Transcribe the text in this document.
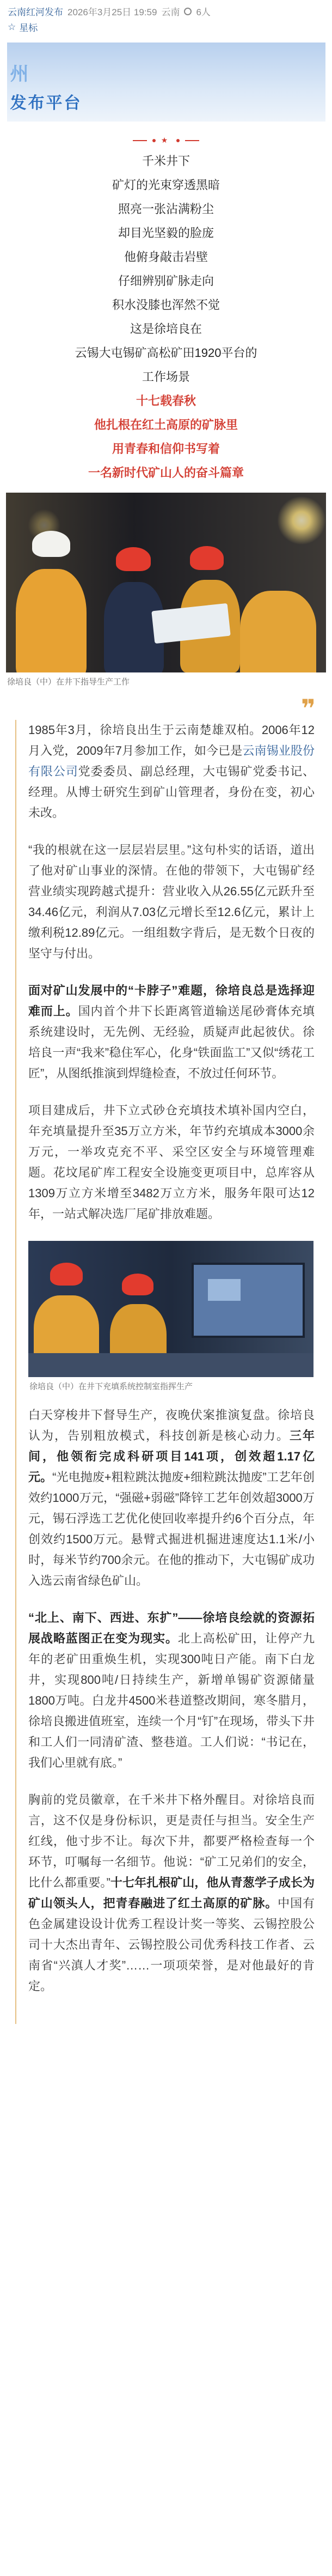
云南红河发布 2026年3月25日 19:59 云南 6人
☆ 星标
州
发布平台
★
千米井下
矿灯的光束穿透黑暗
照亮一张沾满粉尘
却目光坚毅的脸庞
他俯身敲击岩壁
仔细辨别矿脉走向
积水没膝也浑然不觉
这是徐培良在
云锡大屯锡矿高松矿田1920平台的
工作场景
十七载春秋
他扎根在红土高原的矿脉里
用青春和信仰书写着
一名新时代矿山人的奋斗篇章
徐培良（中）在井下指导生产工作
❞

1985年3月，徐培良出生于云南楚雄双柏。2006年12月入党，2009年7月参加工作，如今已是云南锡业股份有限公司党委委员、副总经理，大屯锡矿党委书记、经理。从博士研究生到矿山管理者，身份在变，初心未改。

“我的根就在这一层层岩层里。”这句朴实的话语，道出了他对矿山事业的深情。在他的带领下，大屯锡矿经营业绩实现跨越式提升：营业收入从26.55亿元跃升至34.46亿元，利润从7.03亿元增长至12.6亿元，累计上缴利税12.89亿元。一组组数字背后，是无数个日夜的坚守与付出。

面对矿山发展中的“卡脖子”难题，徐培良总是选择迎难而上。国内首个井下长距离管道输送尾砂膏体充填系统建设时，无先例、无经验，质疑声此起彼伏。徐培良一声“我来”稳住军心，化身“铁面监工”又似“绣花工匠”，从图纸推演到焊缝检查，不放过任何环节。

项目建成后，井下立式砂仓充填技术填补国内空白，年充填量提升至35万立方米，年节约充填成本3000余万元，一举攻克充不平、采空区安全与环境管理难题。花坟尾矿库工程安全设施变更项目中，总库容从1309万立方米增至3482万立方米，服务年限可达12年，一站式解决选厂尾矿排放难题。

徐培良（中）在井下充填系统控制室指挥生产

白天穿梭井下督导生产，夜晚伏案推演复盘。徐培良认为，告别粗放模式，科技创新是核心动力。三年间，他领衔完成科研项目141项，创效超1.17亿元。“光电抛废+粗粒跳汰抛废+细粒跳汰抛废”工艺年创效约1000万元，“强磁+弱磁”降锌工艺年创效超3000万元，锡石浮选工艺优化使回收率提升约6个百分点，年创效约1500万元。悬臂式掘进机掘进速度达1.1米/小时，每米节约700余元。在他的推动下，大屯锡矿成功入选云南省绿色矿山。

“北上、南下、西进、东扩”——徐培良绘就的资源拓展战略蓝图正在变为现实。北上高松矿田，让停产九年的老矿田重焕生机，实现300吨日产能。南下白龙井，实现800吨/日持续生产，新增单锡矿资源储量1800万吨。白龙井4500米巷道整改期间，寒冬腊月，徐培良搬进值班室，连续一个月“钉”在现场，带头下井和工人们一同清矿渣、整巷道。工人们说：“书记在，我们心里就有底。”

胸前的党员徽章，在千米井下格外醒目。对徐培良而言，这不仅是身份标识，更是责任与担当。安全生产红线，他寸步不让。每次下井，都要严格检查每一个环节，叮嘱每一名细节。他说：“矿工兄弟们的安全，比什么都重要。”十七年扎根矿山，他从青葱学子成长为矿山领头人，把青春融进了红土高原的矿脉。中国有色金属建设设计优秀工程设计奖一等奖、云锡控股公司十大杰出青年、云锡控股公司优秀科技工作者、云南省“兴滇人才奖”……一项项荣誉，是对他最好的肯定。
